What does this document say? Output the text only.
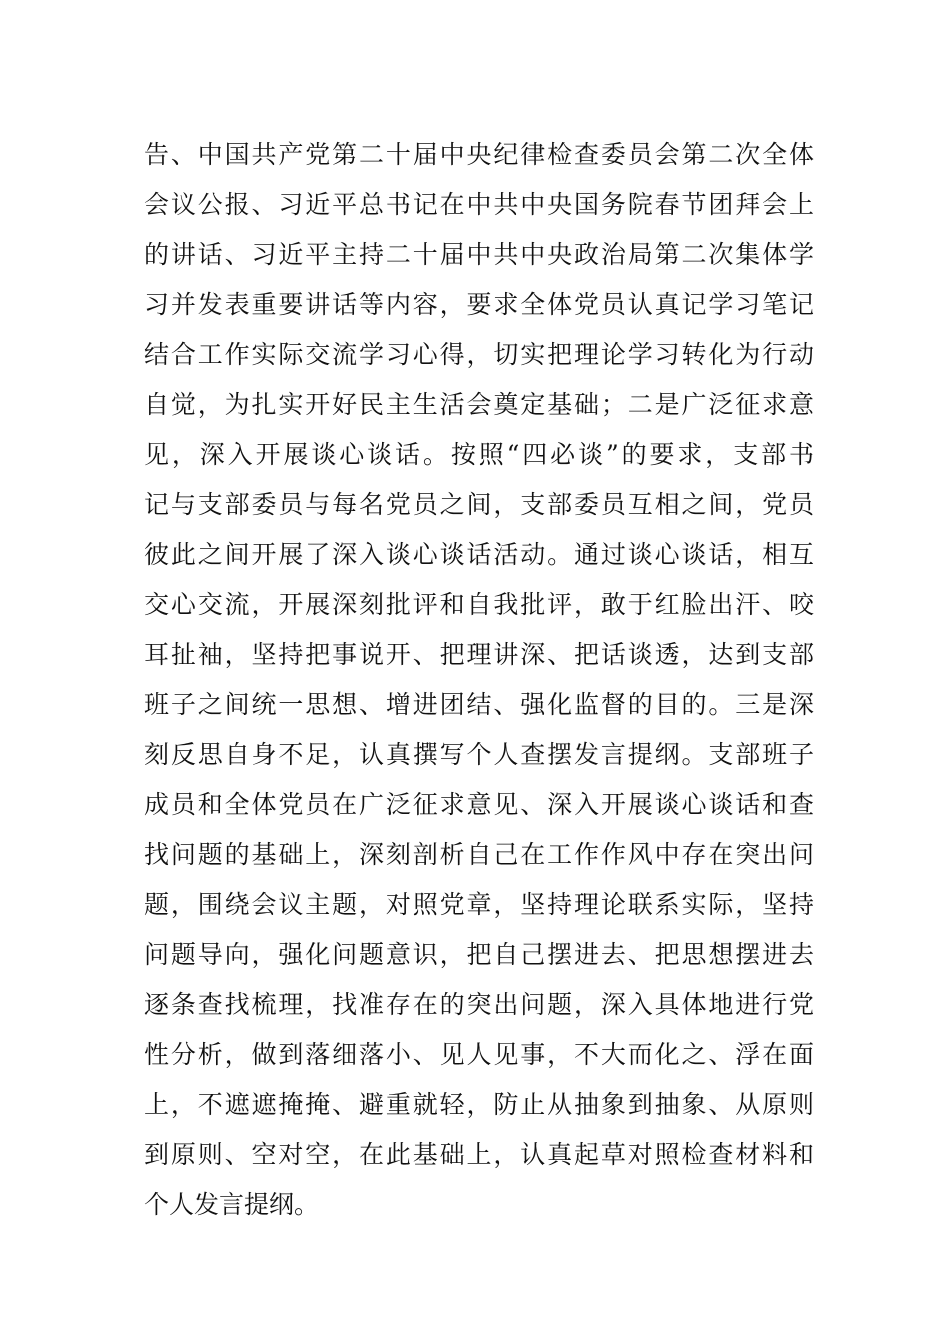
告、中国共产党第二十届中央纪律检查委员会第二次全体
会议公报、习近平总书记在中共中央国务院春节团拜会上
的讲话、习近平主持二十届中共中央政治局第二次集体学
习并发表重要讲话等内容，要求全体党员认真记学习笔记
结合工作实际交流学习心得，切实把理论学习转化为行动
自觉，为扎实开好民主生活会奠定基础；二是广泛征求意
见，深入开展谈心谈话。按照“四必谈”的要求，支部书
记与支部委员与每名党员之间，支部委员互相之间，党员
彼此之间开展了深入谈心谈话活动。通过谈心谈话，相互
交心交流，开展深刻批评和自我批评，敢于红脸出汗、咬
耳扯袖，坚持把事说开、把理讲深、把话谈透，达到支部
班子之间统一思想、增进团结、强化监督的目的。三是深
刻反思自身不足，认真撰写个人查摆发言提纲。支部班子
成员和全体党员在广泛征求意见、深入开展谈心谈话和查
找问题的基础上，深刻剖析自己在工作作风中存在突出问
题，围绕会议主题，对照党章，坚持理论联系实际，坚持
问题导向，强化问题意识，把自己摆进去、把思想摆进去
逐条查找梳理，找准存在的突出问题，深入具体地进行党
性分析，做到落细落小、见人见事，不大而化之、浮在面
上，不遮遮掩掩、避重就轻，防止从抽象到抽象、从原则
到原则、空对空，在此基础上，认真起草对照检查材料和
个人发言提纲。
